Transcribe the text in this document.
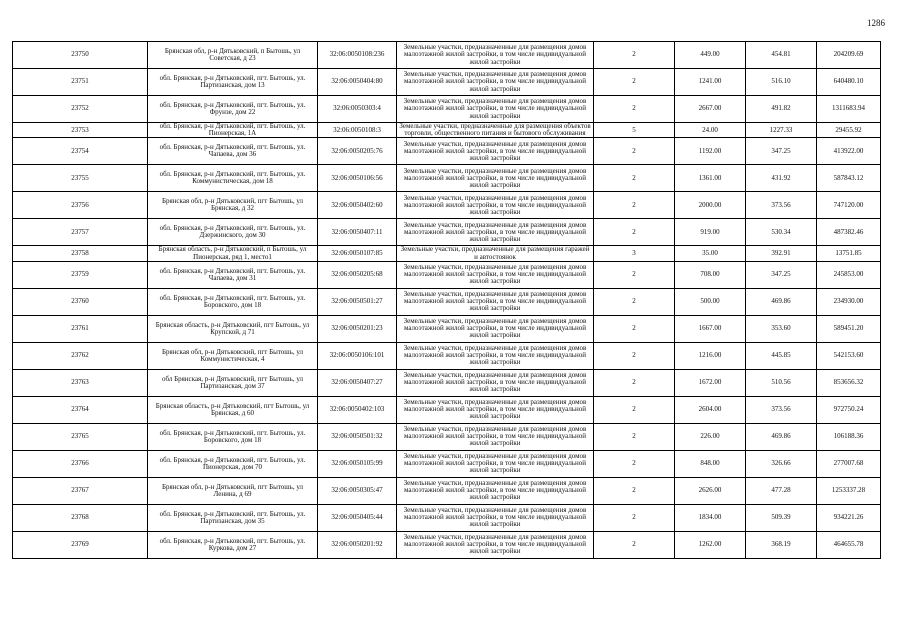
1286
23750	Брянская обл, р-н Дятьковский, п Бытошь, ул Советская, д 23	32:06:0050108:236	Земельные участки, предназначенные для размещения домов малоэтажной жилой застройки, в том числе индивидуальной жилой застройки	2	449.00	454.81	204209.69
23751	обл. Брянская, р-н Дятьковский, пгт. Бытошь, ул. Партизанская, дом 13	32:06:0050404:80	Земельные участки, предназначенные для размещения домов малоэтажной жилой застройки, в том числе индивидуальной жилой застройки	2	1241.00	516.10	640480.10
23752	обл. Брянская, р-н Дятьковский, пгт. Бытошь, ул. Фрунзе, дом 22	32:06:0050303:4	Земельные участки, предназначенные для размещения домов малоэтажной жилой застройки, в том числе индивидуальной жилой застройки	2	2667.00	491.82	1311683.94
23753	обл. Брянская, р-н Дятьковский, пгт. Бытошь, ул. Пионерская, 1А	32:06:0050108:3	Земельные участки, предназначенные для размещения объектов торговли, общественного питания и бытового обслуживания	5	24.00	1227.33	29455.92
23754	обл. Брянская, р-н Дятьковский, пгт. Бытошь, ул. Чапаева, дом 36	32:06:0050205:76	Земельные участки, предназначенные для размещения домов малоэтажной жилой застройки, в том числе индивидуальной жилой застройки	2	1192.00	347.25	413922.00
23755	обл. Брянская, р-н Дятьковский, пгт. Бытошь, ул. Коммунистическая, дом 18	32:06:0050106:56	Земельные участки, предназначенные для размещения домов малоэтажной жилой застройки, в том числе индивидуальной жилой застройки	2	1361.00	431.92	587843.12
23756	Брянская обл, р-н Дятьковский, пгт Бытошь, ул Брянская, д 32	32:06:0050402:60	Земельные участки, предназначенные для размещения домов малоэтажной жилой застройки, в том числе индивидуальной жилой застройки	2	2000.00	373.56	747120.00
23757	обл. Брянская, р-н Дятьковский, пгт. Бытошь, ул. Дзержинского, дом 30	32:06:0050407:11	Земельные участки, предназначенные для размещения домов малоэтажной жилой застройки, в том числе индивидуальной жилой застройки	2	919.00	530.34	487382.46
23758	Брянская область, р-н Дятьковский, п Бытошь, ул Пионерская, ряд 1, место1	32:06:0050107:85	Земельные участки, предназначенные для размещения гаражей и автостоянок	3	35.00	392.91	13751.85
23759	обл. Брянская, р-н Дятьковский, пгт. Бытошь, ул. Чапаева, дом 31	32:06:0050205:68	Земельные участки, предназначенные для размещения домов малоэтажной жилой застройки, в том числе индивидуальной жилой застройки	2	708.00	347.25	245853.00
23760	обл. Брянская, р-н Дятьковский, пгт. Бытошь, ул. Боровского, дом 18	32:06:0050501:27	Земельные участки, предназначенные для размещения домов малоэтажной жилой застройки, в том числе индивидуальной жилой застройки	2	500.00	469.86	234930.00
23761	Брянская область, р-н Дятьковский, пгт Бытошь, ул Крупской, д 71	32:06:0050201:23	Земельные участки, предназначенные для размещения домов малоэтажной жилой застройки, в том числе индивидуальной жилой застройки	2	1667.00	353.60	589451.20
23762	Брянская обл, р-н Дятьковский, пгт Бытошь, ул Коммунистическая, 4	32:06:0050106:101	Земельные участки, предназначенные для размещения домов малоэтажной жилой застройки, в том числе индивидуальной жилой застройки	2	1216.00	445.85	542153.60
23763	обл Брянская, р-н Дятьковский, пгт Бытошь, ул Партизанская, дом 37	32:06:0050407:27	Земельные участки, предназначенные для размещения домов малоэтажной жилой застройки, в том числе индивидуальной жилой застройки	2	1672.00	510.56	853656.32
23764	Брянская область, р-н Дятьковский, пгт Бытошь, ул Брянская, д 60	32:06:0050402:103	Земельные участки, предназначенные для размещения домов малоэтажной жилой застройки, в том числе индивидуальной жилой застройки	2	2604.00	373.56	972750.24
23765	обл. Брянская, р-н Дятьковский, пгт. Бытошь, ул. Боровского, дом 18	32:06:0050501:32	Земельные участки, предназначенные для размещения домов малоэтажной жилой застройки, в том числе индивидуальной жилой застройки	2	226.00	469.86	106188.36
23766	обл. Брянская, р-н Дятьковский, пгт. Бытошь, ул. Пионерская, дом 70	32:06:0050105:99	Земельные участки, предназначенные для размещения домов малоэтажной жилой застройки, в том числе индивидуальной жилой застройки	2	848.00	326.66	277007.68
23767	Брянская обл, р-н Дятьковский, пгт Бытошь, ул Ленина, д 69	32:06:0050305:47	Земельные участки, предназначенные для размещения домов малоэтажной жилой застройки, в том числе индивидуальной жилой застройки	2	2626.00	477.28	1253337.28
23768	обл. Брянская, р-н Дятьковский, пгт. Бытошь, ул. Партизанская, дом 35	32:06:0050405:44	Земельные участки, предназначенные для размещения домов малоэтажной жилой застройки, в том числе индивидуальной жилой застройки	2	1834.00	509.39	934221.26
23769	обл. Брянская, р-н Дятьковский, пгт. Бытошь, ул. Куркова, дом 27	32:06:0050201:92	Земельные участки, предназначенные для размещения домов малоэтажной жилой застройки, в том числе индивидуальной жилой застройки	2	1262.00	368.19	464655.78
